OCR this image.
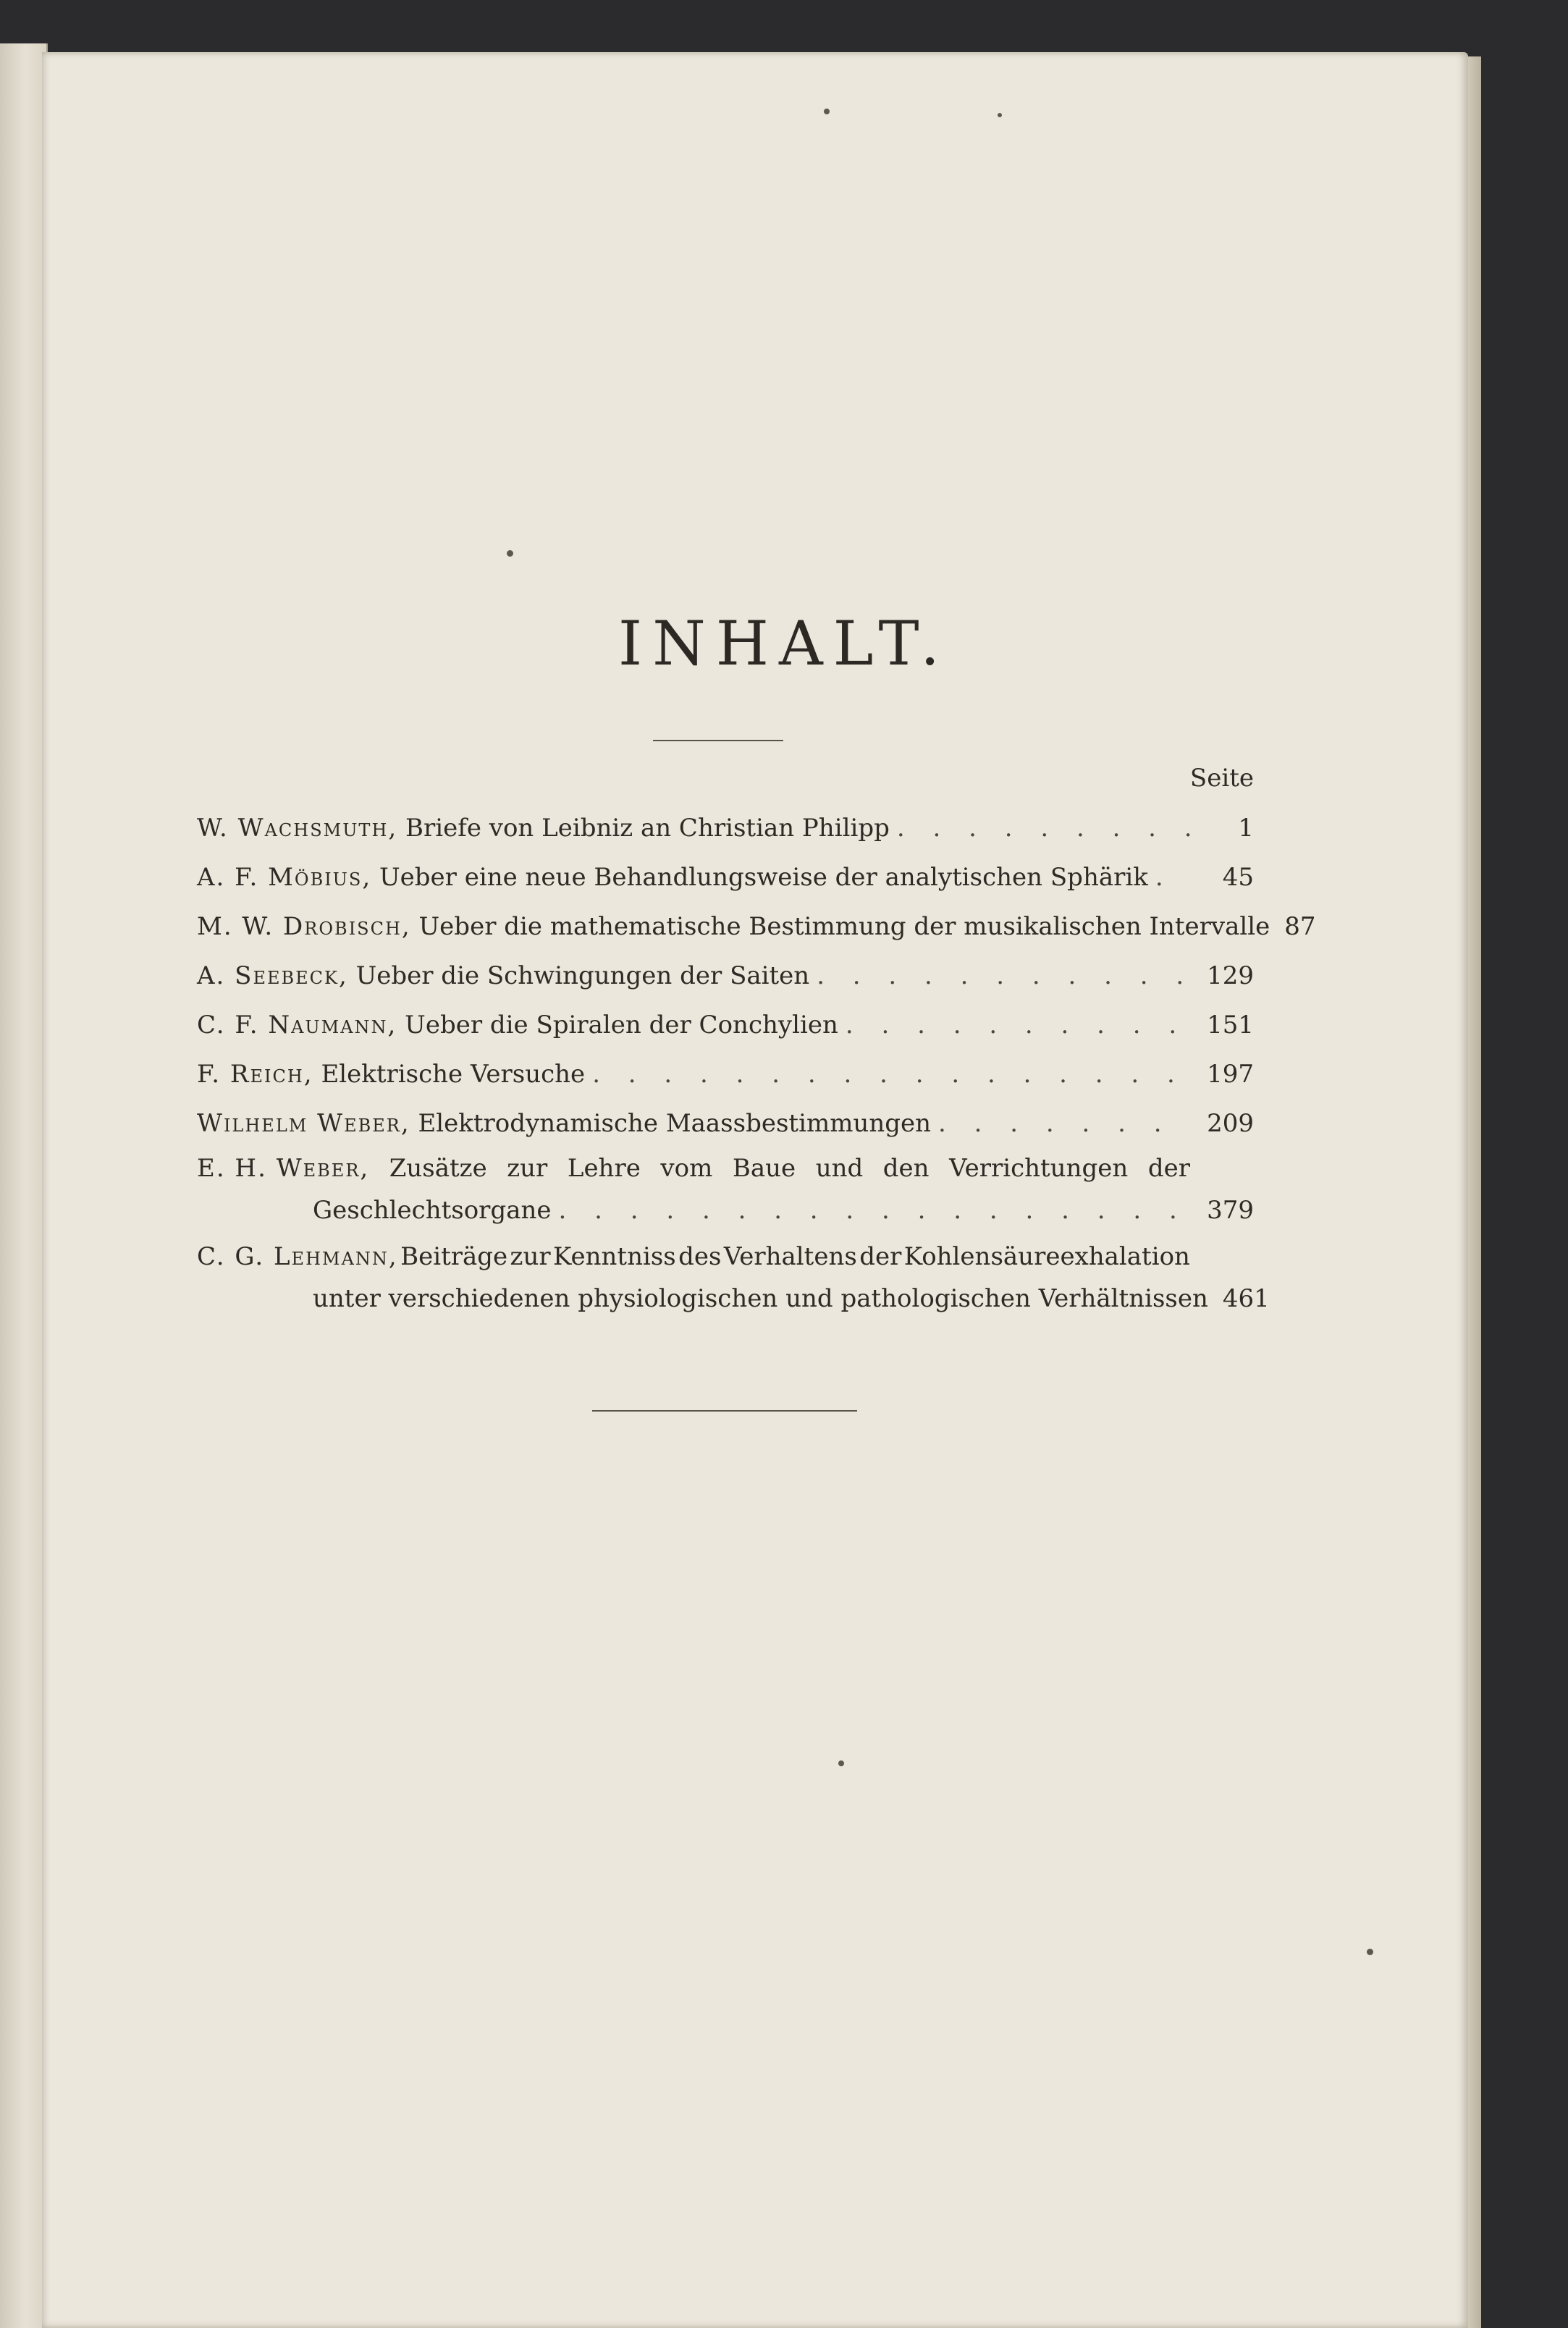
INHALT.
Seite
W. Wachsmuth, Briefe von Leibniz an Christian Philipp . . .	1
A. F. Möbius, Ueber eine neue Behandlungsweise der analytischen Sphärik . . .	45
M. W. Drobisch, Ueber die mathematische Bestimmung der musikalischen Intervalle 87
A. Seebeck, Ueber die Schwingungen der Saiten . . .	129
C. F. Naumann, Ueber die Spiralen der Conchylien . . .	151
F. Reich, Elektrische Versuche . . .	197
Wilhelm Weber, Elektrodynamische Maassbestimmungen . . .	209
E. H. Weber, Zusätze zur Lehre vom Baue und den Verrichtungen der
Geschlechtsorgane . . .	379
C. G. Lehmann, Beiträge zur Kenntniss des Verhaltens der Kohlensäureexhalation
unter verschiedenen physiologischen und pathologischen Verhältnissen 461
